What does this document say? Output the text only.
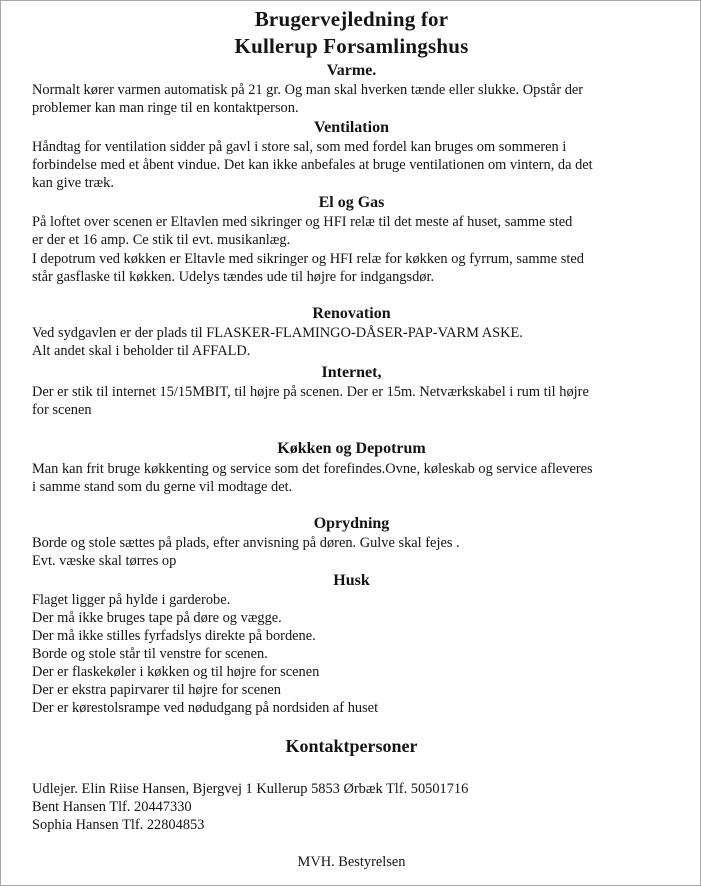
Brugervejledning for
Kullerup Forsamlingshus
Varme.
Normalt kører varmen automatisk på 21 gr. Og man skal hverken tænde eller slukke. Opstår der
problemer kan man ringe til en kontaktperson.
Ventilation
Håndtag for ventilation sidder på gavl i store sal, som med fordel kan bruges om sommeren i
forbindelse med et åbent vindue. Det kan ikke anbefales at bruge ventilationen om vintern, da det
kan give træk.
El og Gas
På loftet over scenen er Eltavlen med sikringer og HFI relæ til det meste af huset, samme sted
er der et 16 amp. Ce stik til evt. musikanlæg.
I depotrum ved køkken er Eltavle med sikringer og HFI relæ for køkken og fyrrum, samme sted
står gasflaske til køkken. Udelys tændes ude til højre for indgangsdør.
Renovation
Ved sydgavlen er der plads til FLASKER-FLAMINGO-DÅSER-PAP-VARM ASKE.
Alt andet skal i beholder til AFFALD.
Internet,
Der er stik til internet 15/15MBIT, til højre på scenen. Der er 15m. Netværkskabel i rum til højre
for scenen
Køkken og Depotrum
Man kan frit bruge køkkenting og service som det forefindes.Ovne, køleskab og service afleveres
i samme stand som du gerne vil modtage det.
Oprydning
Borde og stole sættes på plads, efter anvisning på døren. Gulve skal fejes .
Evt. væske skal tørres op
Husk
Flaget ligger på hylde i garderobe.
Der må ikke bruges tape på døre og vægge.
Der må ikke stilles fyrfadslys direkte på bordene.
Borde og stole står til venstre for scenen.
Der er flaskekøler i køkken og til højre for scenen
Der er ekstra papirvarer til højre for scenen
Der er kørestolsrampe ved nødudgang på nordsiden af huset
Kontaktpersoner
Udlejer. Elin Riise Hansen, Bjergvej 1 Kullerup 5853 Ørbæk Tlf. 50501716
Bent Hansen Tlf. 20447330
Sophia Hansen Tlf. 22804853
MVH. Bestyrelsen
